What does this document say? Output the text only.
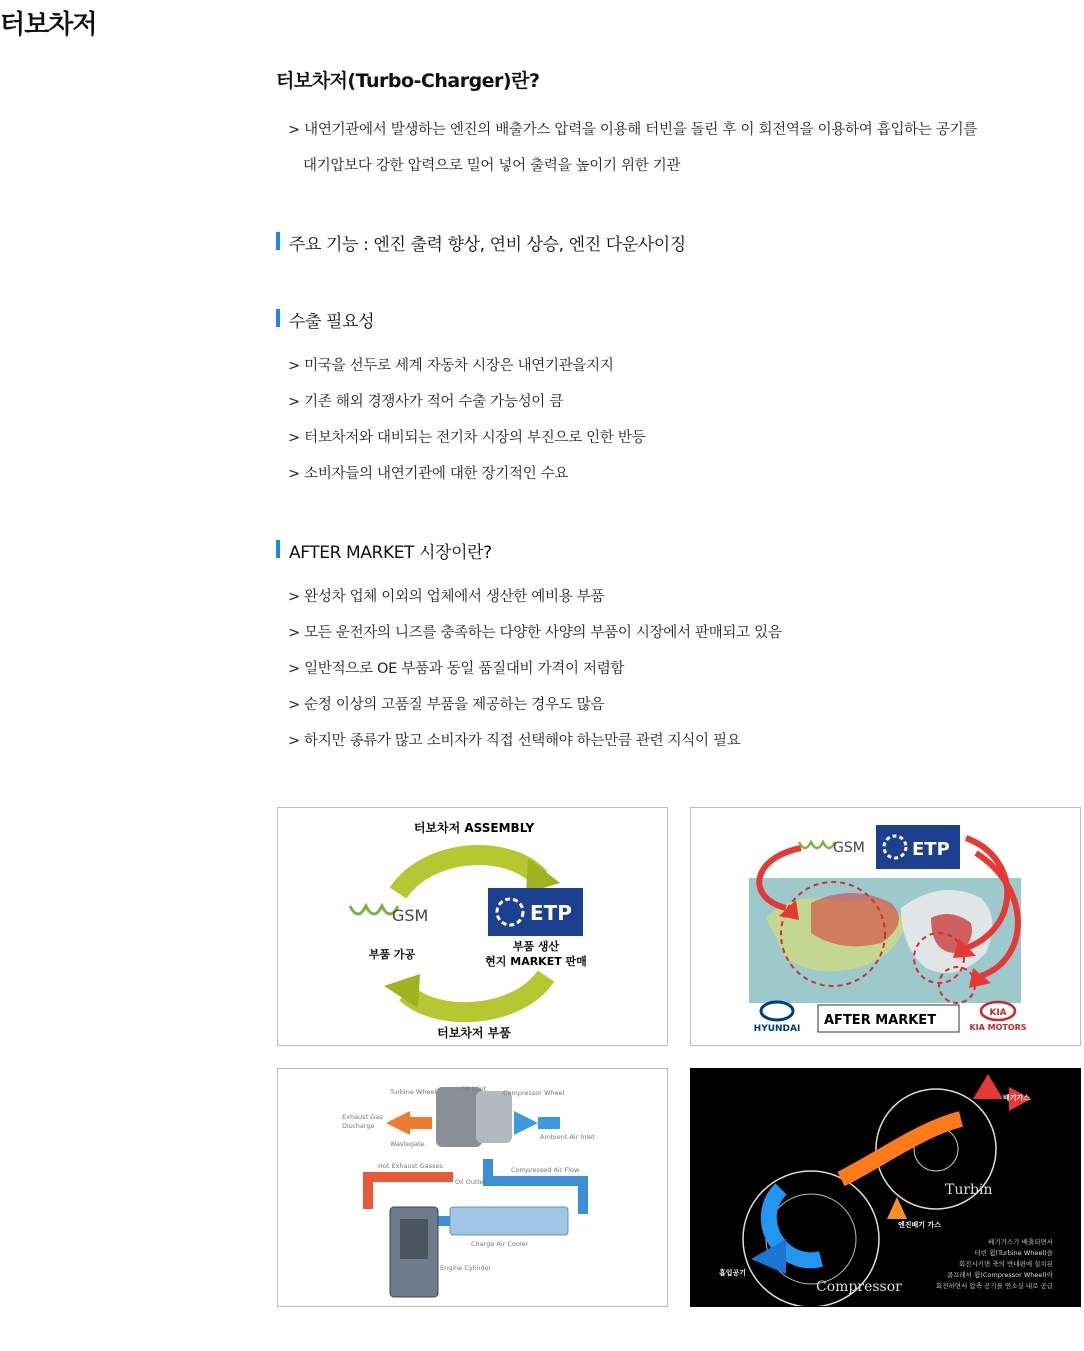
터보차저
터보차저(Turbo-Charger)란?
> 내연기관에서 발생하는 엔진의 배출가스 압력을 이용해 터빈을 돌린 후 이 회전역을 이용하여 흡입하는 공기를
대기압보다 강한 압력으로 밀어 넣어 출력을 높이기 위한 기관
주요 기능 : 엔진 출력 향상, 연비 상승, 엔진 다운사이징
수출 필요성
> 미국을 선두로 세계 자동차 시장은 내연기관을지지
> 기존 해외 경쟁사가 적어 수출 가능성이 큼
> 터보차저와 대비되는 전기차 시장의 부진으로 인한 반등
> 소비자들의 내연기관에 대한 장기적인 수요
AFTER MARKET 시장이란?
> 완성차 업체 이외의 업체에서 생산한 예비용 부품
> 모든 운전자의 니즈를 충족하는 다양한 사양의 부품이 시장에서 판매되고 있음
> 일반적으로 OE 부품과 동일 품질대비 가격이 저렴함
> 순정 이상의 고품질 부품을 제공하는 경우도 많음
> 하지만 종류가 많고 소비자가 직접 선택해야 하는만큼 관련 지식이 필요
터보차저 ASSEMBLY
GSM
부품 가공
ETP
부품 생산
현지 MARKET 판매
터보차저 부품
GSM	ETP
HYUNDAI
AFTER MARKET	KIA
KIA MOTORS
Turbine Wheel	Oil Inlet	Compressor Wheel
Exhaust Gas
Discharge
Wastegate
Ambient Air Inlet
Hot Exhaust Gasses
Oil Outlet
Compressed Air Flow
Charge Air Cooler
Engine Cylinder
배기가스
Turbin
엔진배기 가스
흡입공기
Compressor
배기가스가 배출되면서
터빈 휠(Turbine Wheel)을
회전시키면 축의 반대편에 설치된
콤프레셔 휠(Compressor Wheel)이
회전하면서 압축 공기를 연소실 내로 공급
